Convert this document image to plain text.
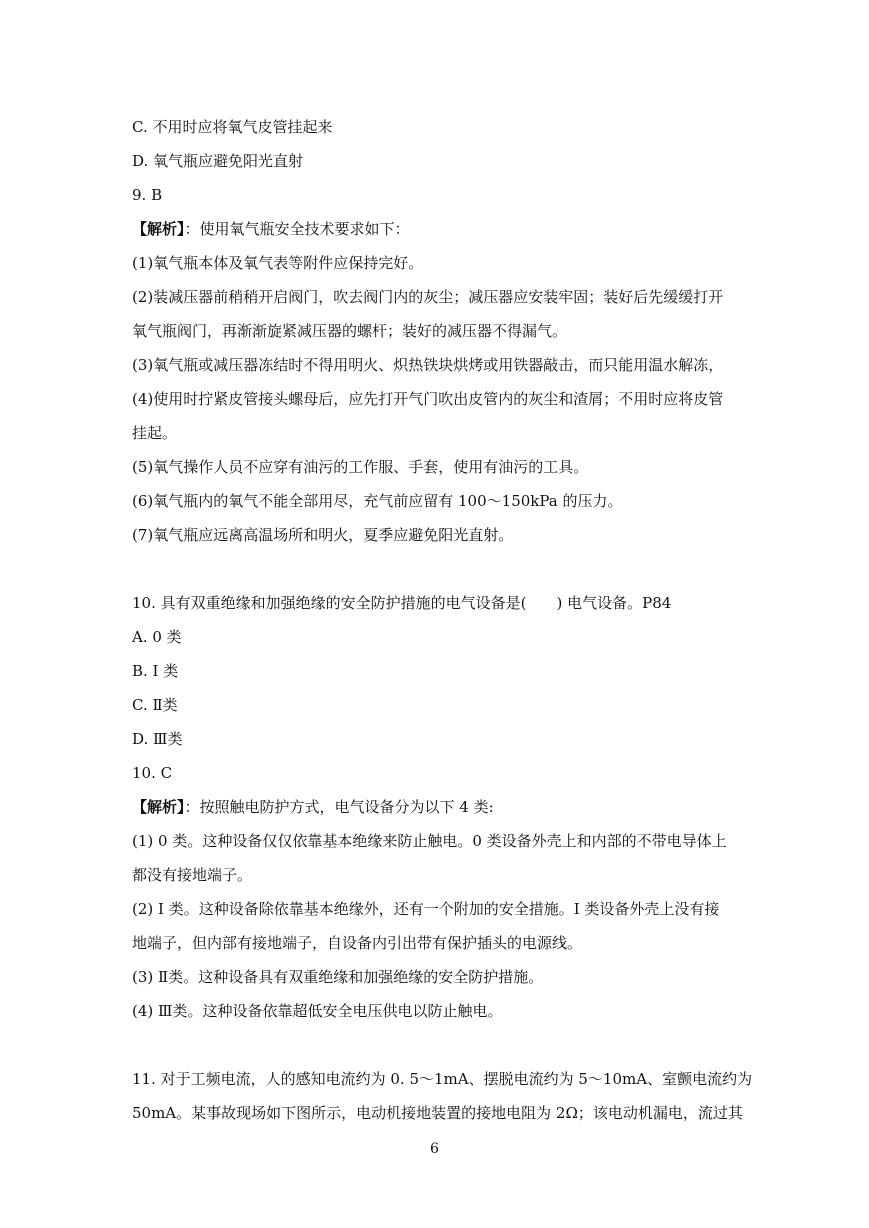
C. 不用时应将氧气皮管挂起来

D. 氧气瓶应避免阳光直射

9. B

【解析】：使用氧气瓶安全技术要求如下：

(1)氧气瓶本体及氧气表等附件应保持完好。

(2)装减压器前稍稍开启阀门，吹去阀门内的灰尘；减压器应安装牢固；装好后先缓缓打开

氧气瓶阀门，再渐渐旋紧减压器的螺杆；装好的减压器不得漏气。

(3)氧气瓶或减压器冻结时不得用明火、炽热铁块烘烤或用铁器敲击，而只能用温水解冻，

(4)使用时拧紧皮管接头螺母后，应先打开气门吹出皮管内的灰尘和渣屑；不用时应将皮管

挂起。

(5)氧气操作人员不应穿有油污的工作服、手套，使用有油污的工具。

(6)氧气瓶内的氧气不能全部用尽，充气前应留有 100～150kPa 的压力。

(7)氧气瓶应远离高温场所和明火，夏季应避免阳光直射。

10. 具有双重绝缘和加强绝缘的安全防护措施的电气设备是(　　) 电气设备。P84

A. 0 类

B. I 类

C. Ⅱ类

D. Ⅲ类

10. C

【解析】：按照触电防护方式，电气设备分为以下 4 类:

(1) 0 类。这种设备仅仅依靠基本绝缘来防止触电。0 类设备外壳上和内部的不带电导体上

都没有接地端子。

(2) I 类。这种设备除依靠基本绝缘外，还有一个附加的安全措施。I 类设备外壳上没有接

地端子，但内部有接地端子，自设备内引出带有保护插头的电源线。

(3) Ⅱ类。这种设备具有双重绝缘和加强绝缘的安全防护措施。

(4) Ⅲ类。这种设备依靠超低安全电压供电以防止触电。

11. 对于工频电流，人的感知电流约为 0. 5～1mA、摆脱电流约为 5～10mA、室颤电流约为

50mA。某事故现场如下图所示，电动机接地装置的接地电阻为 2Ω；该电动机漏电，流过其

6
